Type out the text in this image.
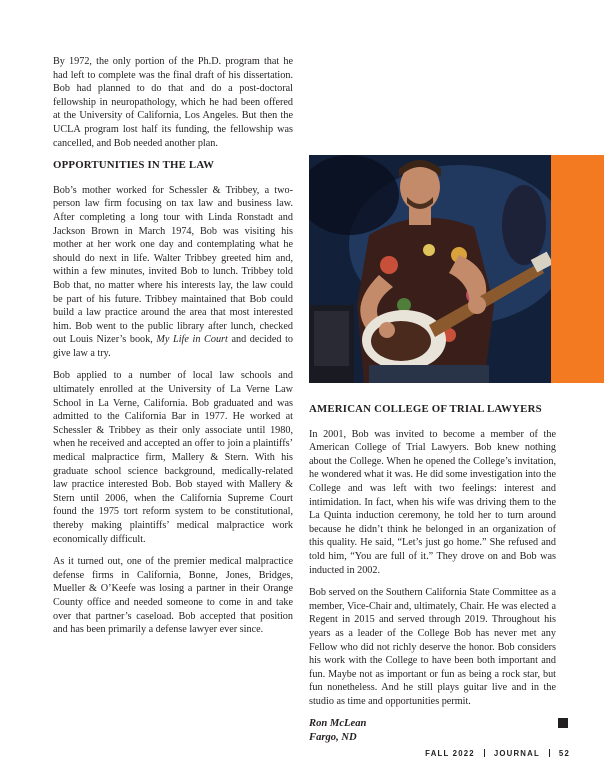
By 1972, the only portion of the Ph.D. program that he had left to complete was the final draft of his dissertation. Bob had planned to do that and do a post-doctoral fellowship in neuropathology, which he had been offered at the University of California, Los Angeles. But then the UCLA program lost half its funding, the fellowship was cancelled, and Bob needed another plan.

OPPORTUNITIES IN THE LAW

Bob’s mother worked for Schessler & Tribbey, a two-person law firm focusing on tax law and business law. After completing a long tour with Linda Ronstadt and Jackson Brown in March 1974, Bob was visiting his mother at her work one day and contemplating what he should do next in life. Walter Tribbey greeted him and, within a few minutes, invited Bob to lunch. Tribbey told Bob that, no matter where his interests lay, the law could be part of his future. Tribbey maintained that Bob could build a law practice around the area that most interested him. Bob went to the public library after lunch, checked out Louis Nizer’s book, My Life in Court and decided to give law a try.

Bob applied to a number of local law schools and ultimately enrolled at the University of La Verne Law School in La Verne, California. Bob graduated and was admitted to the California Bar in 1977. He worked at Schessler & Tribbey as their only associate until 1980, when he received and accepted an offer to join a plaintiffs’ medical malpractice firm, Mallery & Stern. With his graduate school science background, medically-related law practice interested Bob. Bob stayed with Mallery & Stern until 2006, when the California Supreme Court found the 1975 tort reform system to be constitutional, thereby making plaintiffs’ medical malpractice work economically difficult.

As it turned out, one of the premier medical malpractice defense firms in California, Bonne, Jones, Bridges, Mueller & O’Keefe was losing a partner in their Orange County office and needed someone to come in and take over that partner’s caseload. Bob accepted that position and has been primarily a defense lawyer ever since.

AMERICAN COLLEGE OF TRIAL LAWYERS

In 2001, Bob was invited to become a member of the American College of Trial Lawyers. Bob knew nothing about the College. When he opened the College’s invitation, he wondered what it was. He did some investigation into the College and was left with two feelings: interest and intimidation. In fact, when his wife was driving them to the La Quinta induction ceremony, he told her to turn around because he didn’t think he belonged in an organization of this quality. He said, “Let’s just go home.” She refused and told him, “You are full of it.” They drove on and Bob was inducted in 2002.

Bob served on the Southern California State Committee as a member, Vice-Chair and, ultimately, Chair. He was elected a Regent in 2015 and served through 2019. Throughout his years as a leader of the College Bob has never met any Fellow who did not richly deserve the honor. Bob considers his work with the College to have been both important and fun. Maybe not as important or fun as being a rock star, but fun nonetheless. And he still plays guitar live and in the studio as time and opportunities permit.

Ron McLean
Fargo, ND
FALL 2022 JOURNAL 52
